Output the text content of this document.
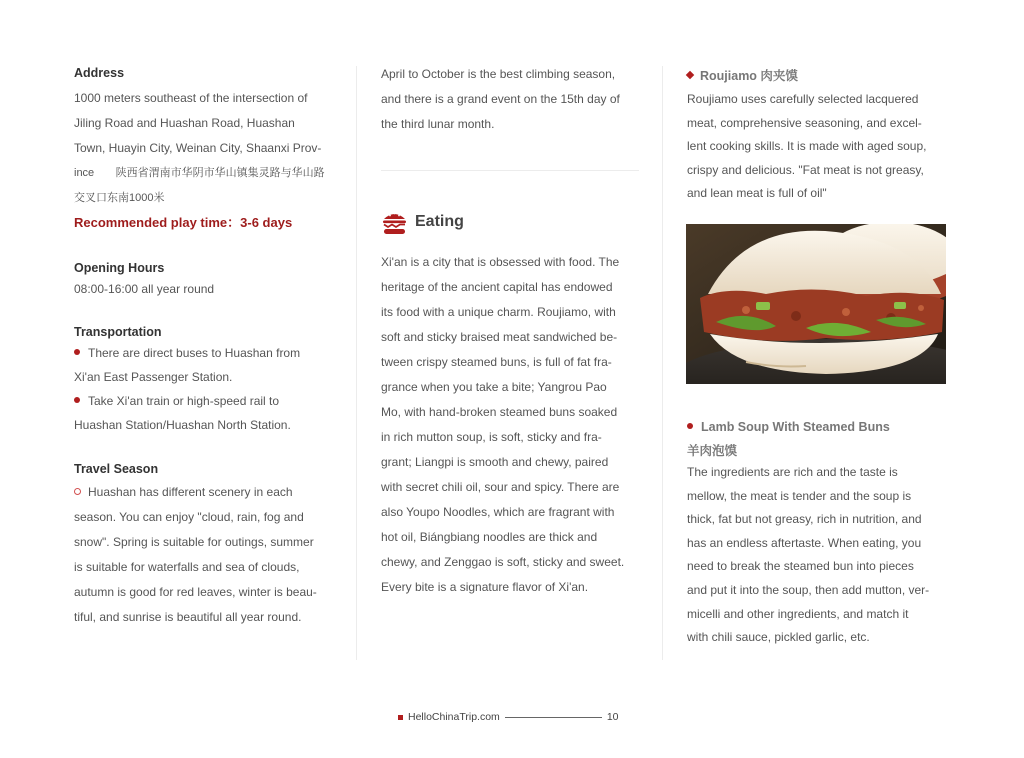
Address
1000 meters southeast of the intersection of
Jiling Road and Huashan Road, Huashan
Town, Huayin City, Weinan City, Shaanxi Prov-
ince       陕西省渭南市华阴市华山镇集灵路与华山路
交叉口东南1000米
Recommended play time：3-6 days
Opening Hours
08:00-16:00 all year round
Transportation
There are direct buses to Huashan from
Xi'an East Passenger Station.
Take Xi'an train or high-speed rail to
Huashan Station/Huashan North Station.
Travel Season
Huashan has different scenery in each
season. You can enjoy "cloud, rain, fog and
snow". Spring is suitable for outings, summer
is suitable for waterfalls and sea of clouds,
autumn is good for red leaves, winter is beau-
tiful, and sunrise is beautiful all year round.
April to October is the best climbing season,
and there is a grand event on the 15th day of
the third lunar month.
Eating
Xi'an is a city that is obsessed with food. The
heritage of the ancient capital has endowed
its food with a unique charm. Roujiamo, with
soft and sticky braised meat sandwiched be-
tween crispy steamed buns, is full of fat fra-
grance when you take a bite; Yangrou Pao
Mo, with hand-broken steamed buns soaked
in rich mutton soup, is soft, sticky and fra-
grant; Liangpi is smooth and chewy, paired
with secret chili oil, sour and spicy. There are
also Youpo Noodles, which are fragrant with
hot oil, Biángbiang noodles are thick and
chewy, and Zenggao is soft, sticky and sweet.
Every bite is a signature flavor of Xi'an.
Roujiamo 肉夹馍
Roujiamo uses carefully selected lacquered
meat, comprehensive seasoning, and excel-
lent cooking skills. It is made with aged soup,
crispy and delicious. "Fat meat is not greasy,
and lean meat is full of oil"
Lamb Soup With Steamed Buns
羊肉泡馍
The ingredients are rich and the taste is
mellow, the meat is tender and the soup is
thick, fat but not greasy, rich in nutrition, and
has an endless aftertaste. When eating, you
need to break the steamed bun into pieces
and put it into the soup, then add mutton, ver-
micelli and other ingredients, and match it
with chili sauce, pickled garlic, etc.
HelloChinaTrip.com	10
